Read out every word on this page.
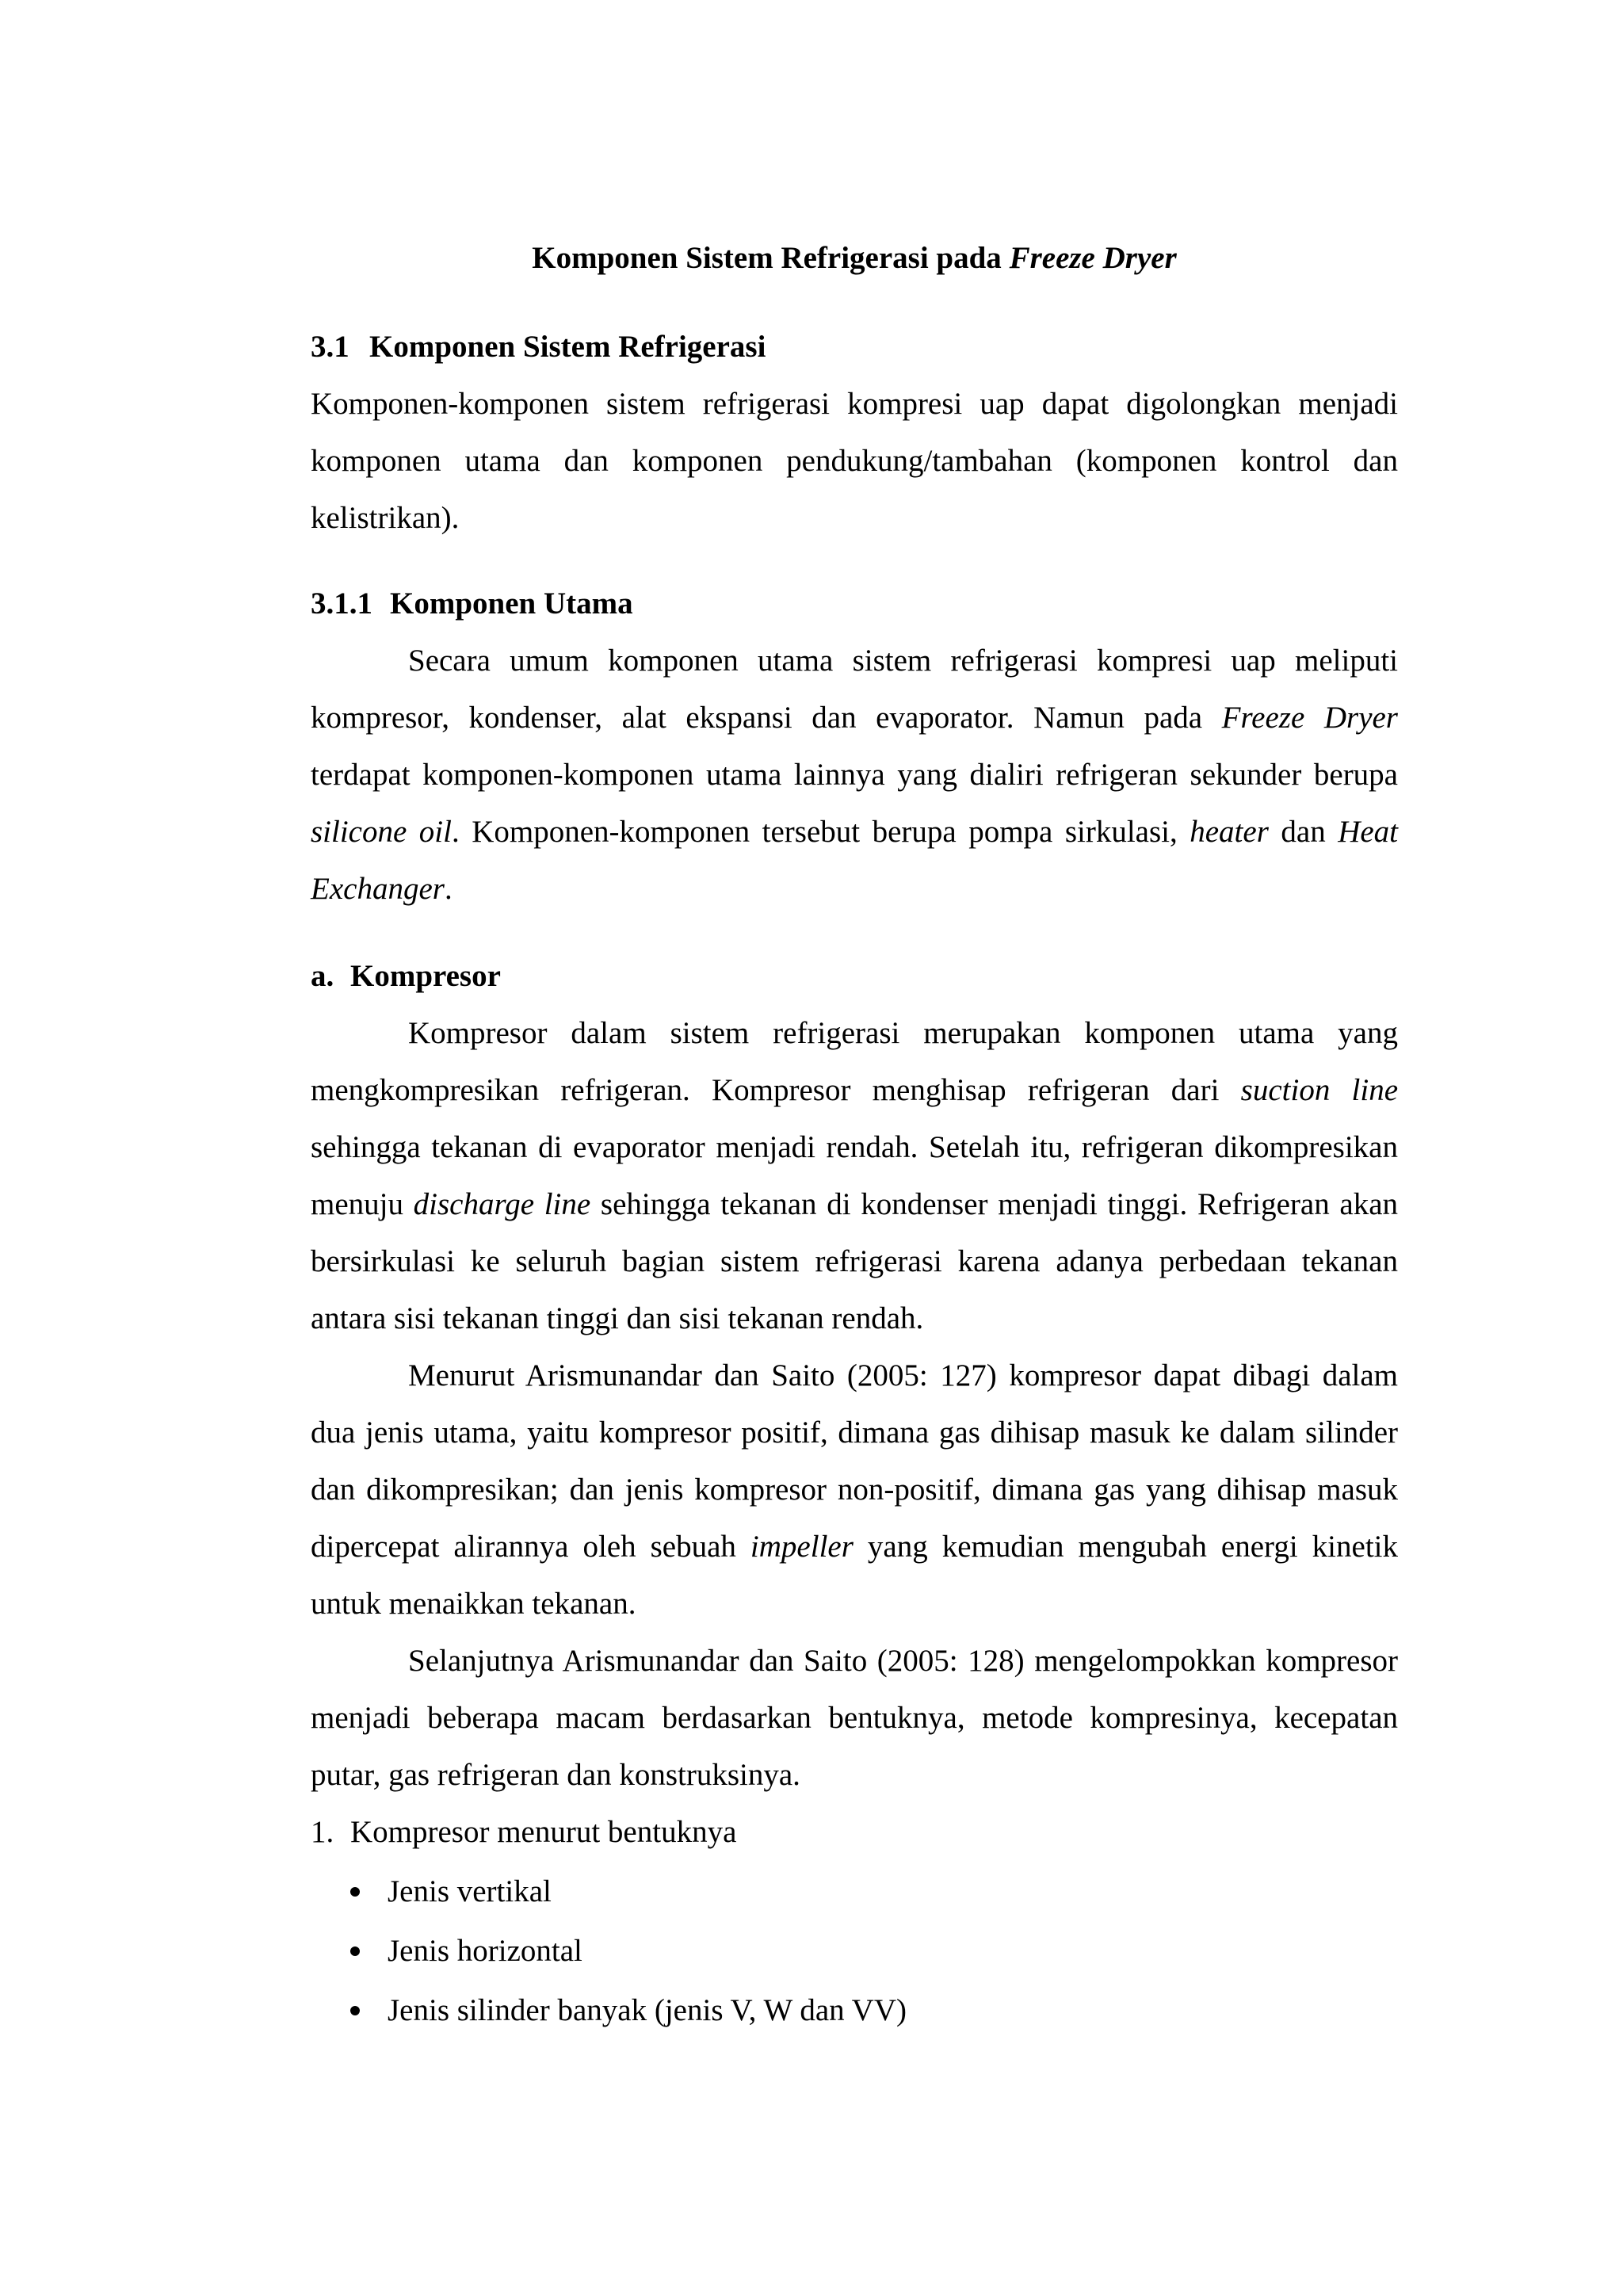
Komponen Sistem Refrigerasi pada Freeze Dryer
3.1 Komponen Sistem Refrigerasi

Komponen-komponen sistem refrigerasi kompresi uap dapat digolongkan menjadi komponen utama dan komponen pendukung/tambahan (komponen kontrol dan kelistrikan).

3.1.1 Komponen Utama

Secara umum komponen utama sistem refrigerasi kompresi uap meliputi kompresor, kondenser, alat ekspansi dan evaporator. Namun pada Freeze Dryer terdapat komponen-komponen utama lainnya yang dialiri refrigeran sekunder berupa silicone oil. Komponen-komponen tersebut berupa pompa sirkulasi, heater dan Heat Exchanger.

a. Kompresor

Kompresor dalam sistem refrigerasi merupakan komponen utama yang mengkompresikan refrigeran. Kompresor menghisap refrigeran dari suction line sehingga tekanan di evaporator menjadi rendah. Setelah itu, refrigeran dikompresikan menuju discharge line sehingga tekanan di kondenser menjadi tinggi. Refrigeran akan bersirkulasi ke seluruh bagian sistem refrigerasi karena adanya perbedaan tekanan antara sisi tekanan tinggi dan sisi tekanan rendah.

Menurut Arismunandar dan Saito (2005: 127) kompresor dapat dibagi dalam dua jenis utama, yaitu kompresor positif, dimana gas dihisap masuk ke dalam silinder dan dikompresikan; dan jenis kompresor non-positif, dimana gas yang dihisap masuk dipercepat alirannya oleh sebuah impeller yang kemudian mengubah energi kinetik untuk menaikkan tekanan.

Selanjutnya Arismunandar dan Saito (2005: 128) mengelompokkan kompresor menjadi beberapa macam berdasarkan bentuknya, metode kompresinya, kecepatan putar, gas refrigeran dan konstruksinya.

1. Kompresor menurut bentuknya
Jenis vertikal
Jenis horizontal
Jenis silinder banyak (jenis V, W dan VV)
